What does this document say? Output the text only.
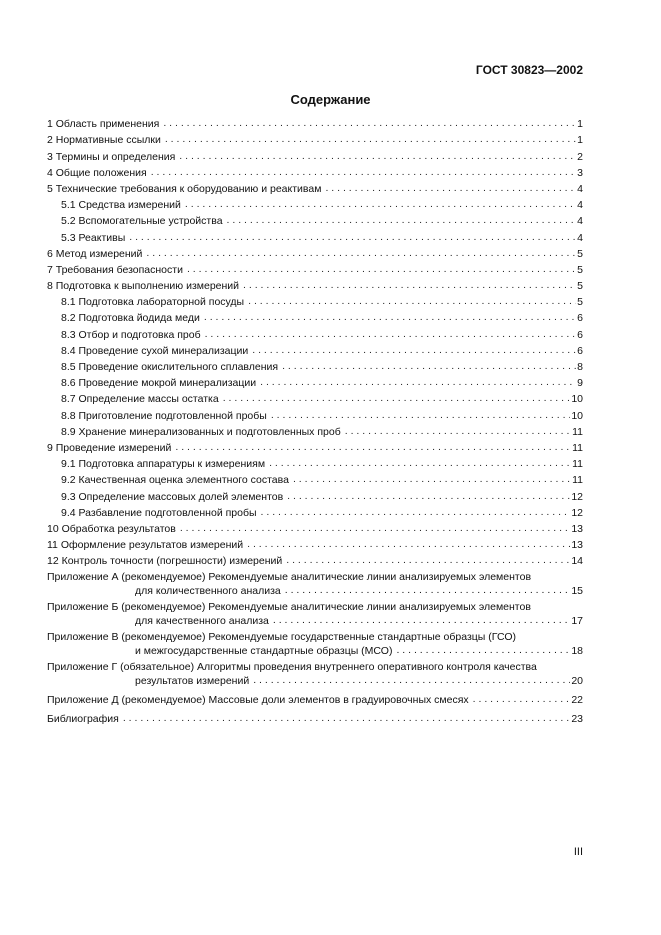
ГОСТ 30823—2002
Содержание
1 Область применения . . .	1
2 Нормативные ссылки . . .	1
3 Термины и определения . . .	2
4 Общие положения . . .	3
5 Технические требования к оборудованию и реактивам . . .	4
5.1 Средства измерений . . .	4
5.2 Вспомогательные устройства . . .	4
5.3 Реактивы . . .	4
6 Метод измерений . . .	5
7 Требования безопасности . . .	5
8 Подготовка к выполнению измерений . . .	5
8.1 Подготовка лабораторной посуды . . .	5
8.2 Подготовка йодида меди . . .	6
8.3 Отбор и подготовка проб . . .	6
8.4 Проведение сухой минерализации . . .	6
8.5 Проведение окислительного сплавления . . .	8
8.6 Проведение мокрой минерализации . . .	9
8.7 Определение массы остатка . . .	10
8.8 Приготовление подготовленной пробы . . .	10
8.9 Хранение минерализованных и подготовленных проб . . .	11
9 Проведение измерений . . .	11
9.1 Подготовка аппаратуры к измерениям . . .	11
9.2 Качественная оценка элементного состава . . .	11
9.3 Определение массовых долей элементов . . .	12
9.4 Разбавление подготовленной пробы . . .	12
10 Обработка результатов . . .	13
11 Оформление результатов измерений . . .	13
12 Контроль точности (погрешности) измерений . . .	14
Приложение А (рекомендуемое) Рекомендуемые аналитические линии анализируемых элементов
для количественного анализа . . .	15
Приложение Б (рекомендуемое) Рекомендуемые аналитические линии анализируемых элементов
для качественного анализа . . .	17
Приложение В (рекомендуемое) Рекомендуемые государственные стандартные образцы (ГСО)
и межгосударственные стандартные образцы (МСО) . . .	18
Приложение Г (обязательное) Алгоритмы проведения внутреннего оперативного контроля качества
результатов измерений . . .	20
Приложение Д (рекомендуемое) Массовые доли элементов в градуировочных смесях . . .	22
Библиография . . .	23
III
